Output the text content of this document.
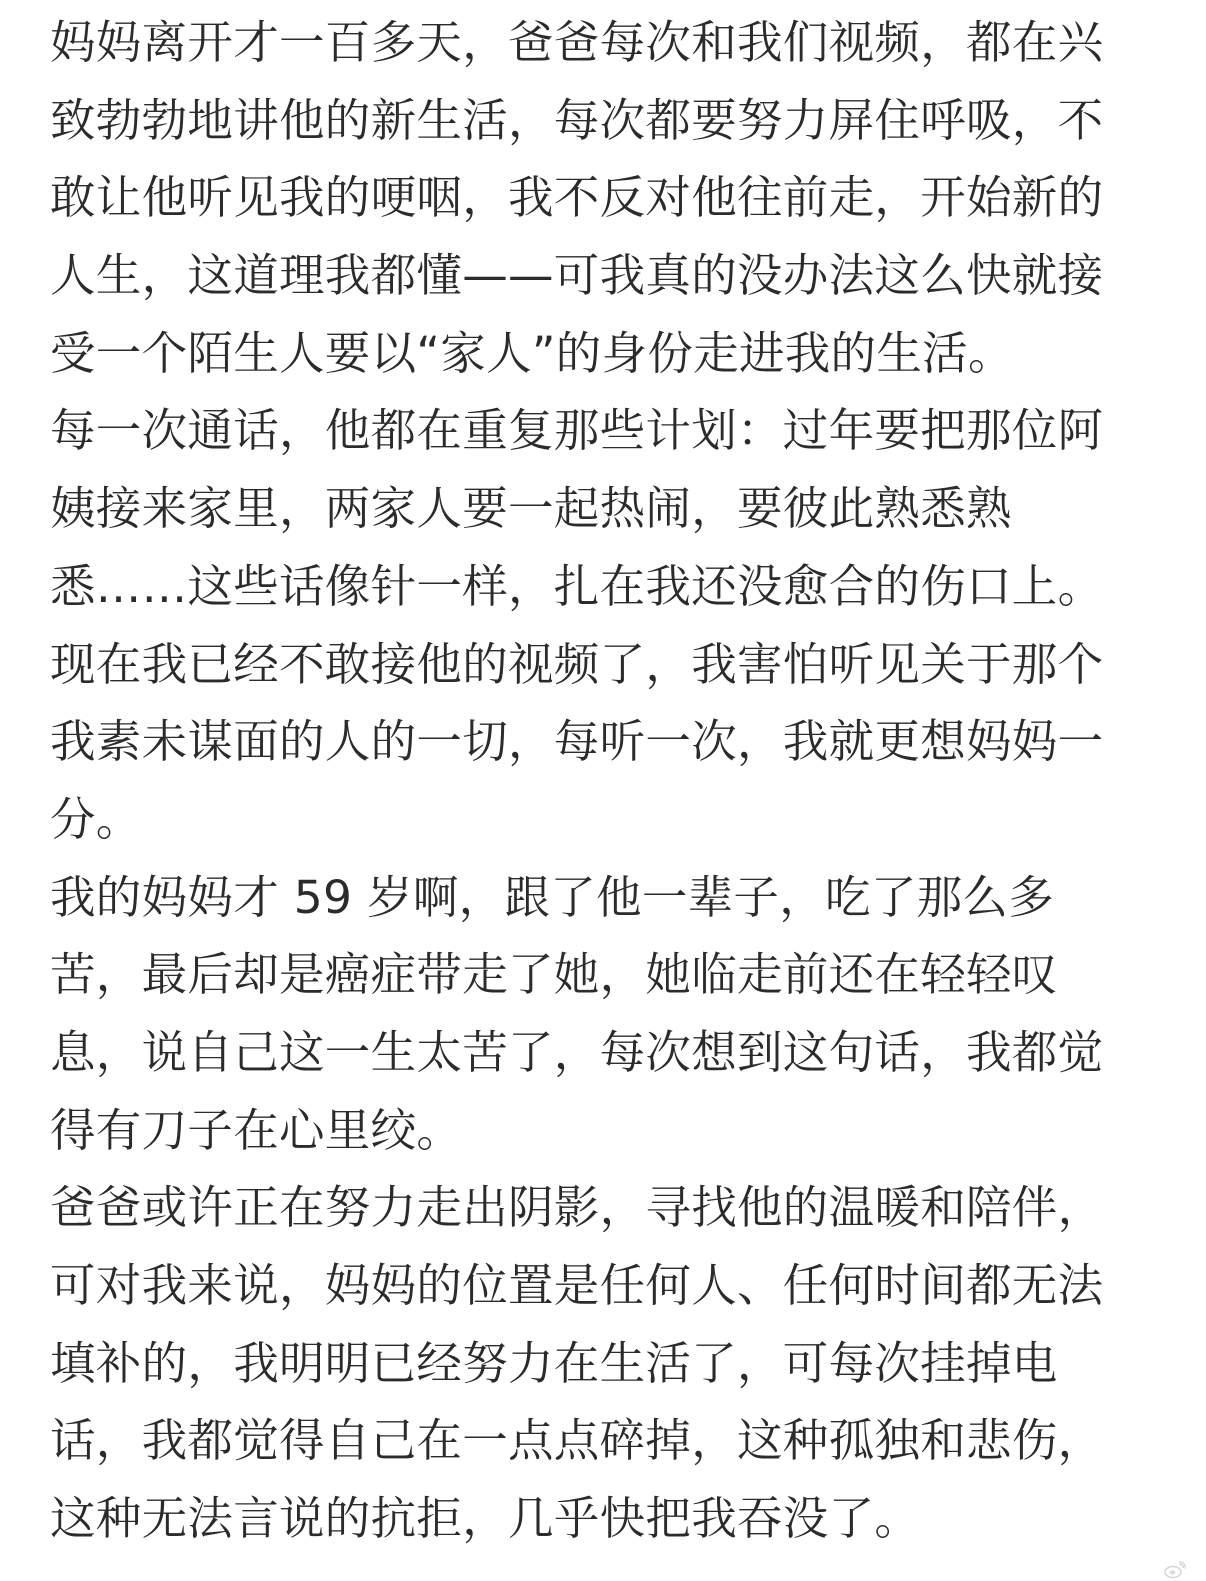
妈妈离开才一百多天，爸爸每次和我们视频，都在兴
致勃勃地讲他的新生活，每次都要努力屏住呼吸，不
敢让他听见我的哽咽，我不反对他往前走，开始新的
人生，这道理我都懂——可我真的没办法这么快就接
受一个陌生人要以“家人”的身份走进我的生活。
每一次通话，他都在重复那些计划：过年要把那位阿
姨接来家里，两家人要一起热闹，要彼此熟悉熟
悉……这些话像针一样，扎在我还没愈合的伤口上。
现在我已经不敢接他的视频了，我害怕听见关于那个
我素未谋面的人的一切，每听一次，我就更想妈妈一
分。
我的妈妈才 59 岁啊，跟了他一辈子，吃了那么多
苦，最后却是癌症带走了她，她临走前还在轻轻叹
息，说自己这一生太苦了，每次想到这句话，我都觉
得有刀子在心里绞。
爸爸或许正在努力走出阴影，寻找他的温暖和陪伴，
可对我来说，妈妈的位置是任何人、任何时间都无法
填补的，我明明已经努力在生活了，可每次挂掉电
话，我都觉得自己在一点点碎掉，这种孤独和悲伤，
这种无法言说的抗拒，几乎快把我吞没了。
